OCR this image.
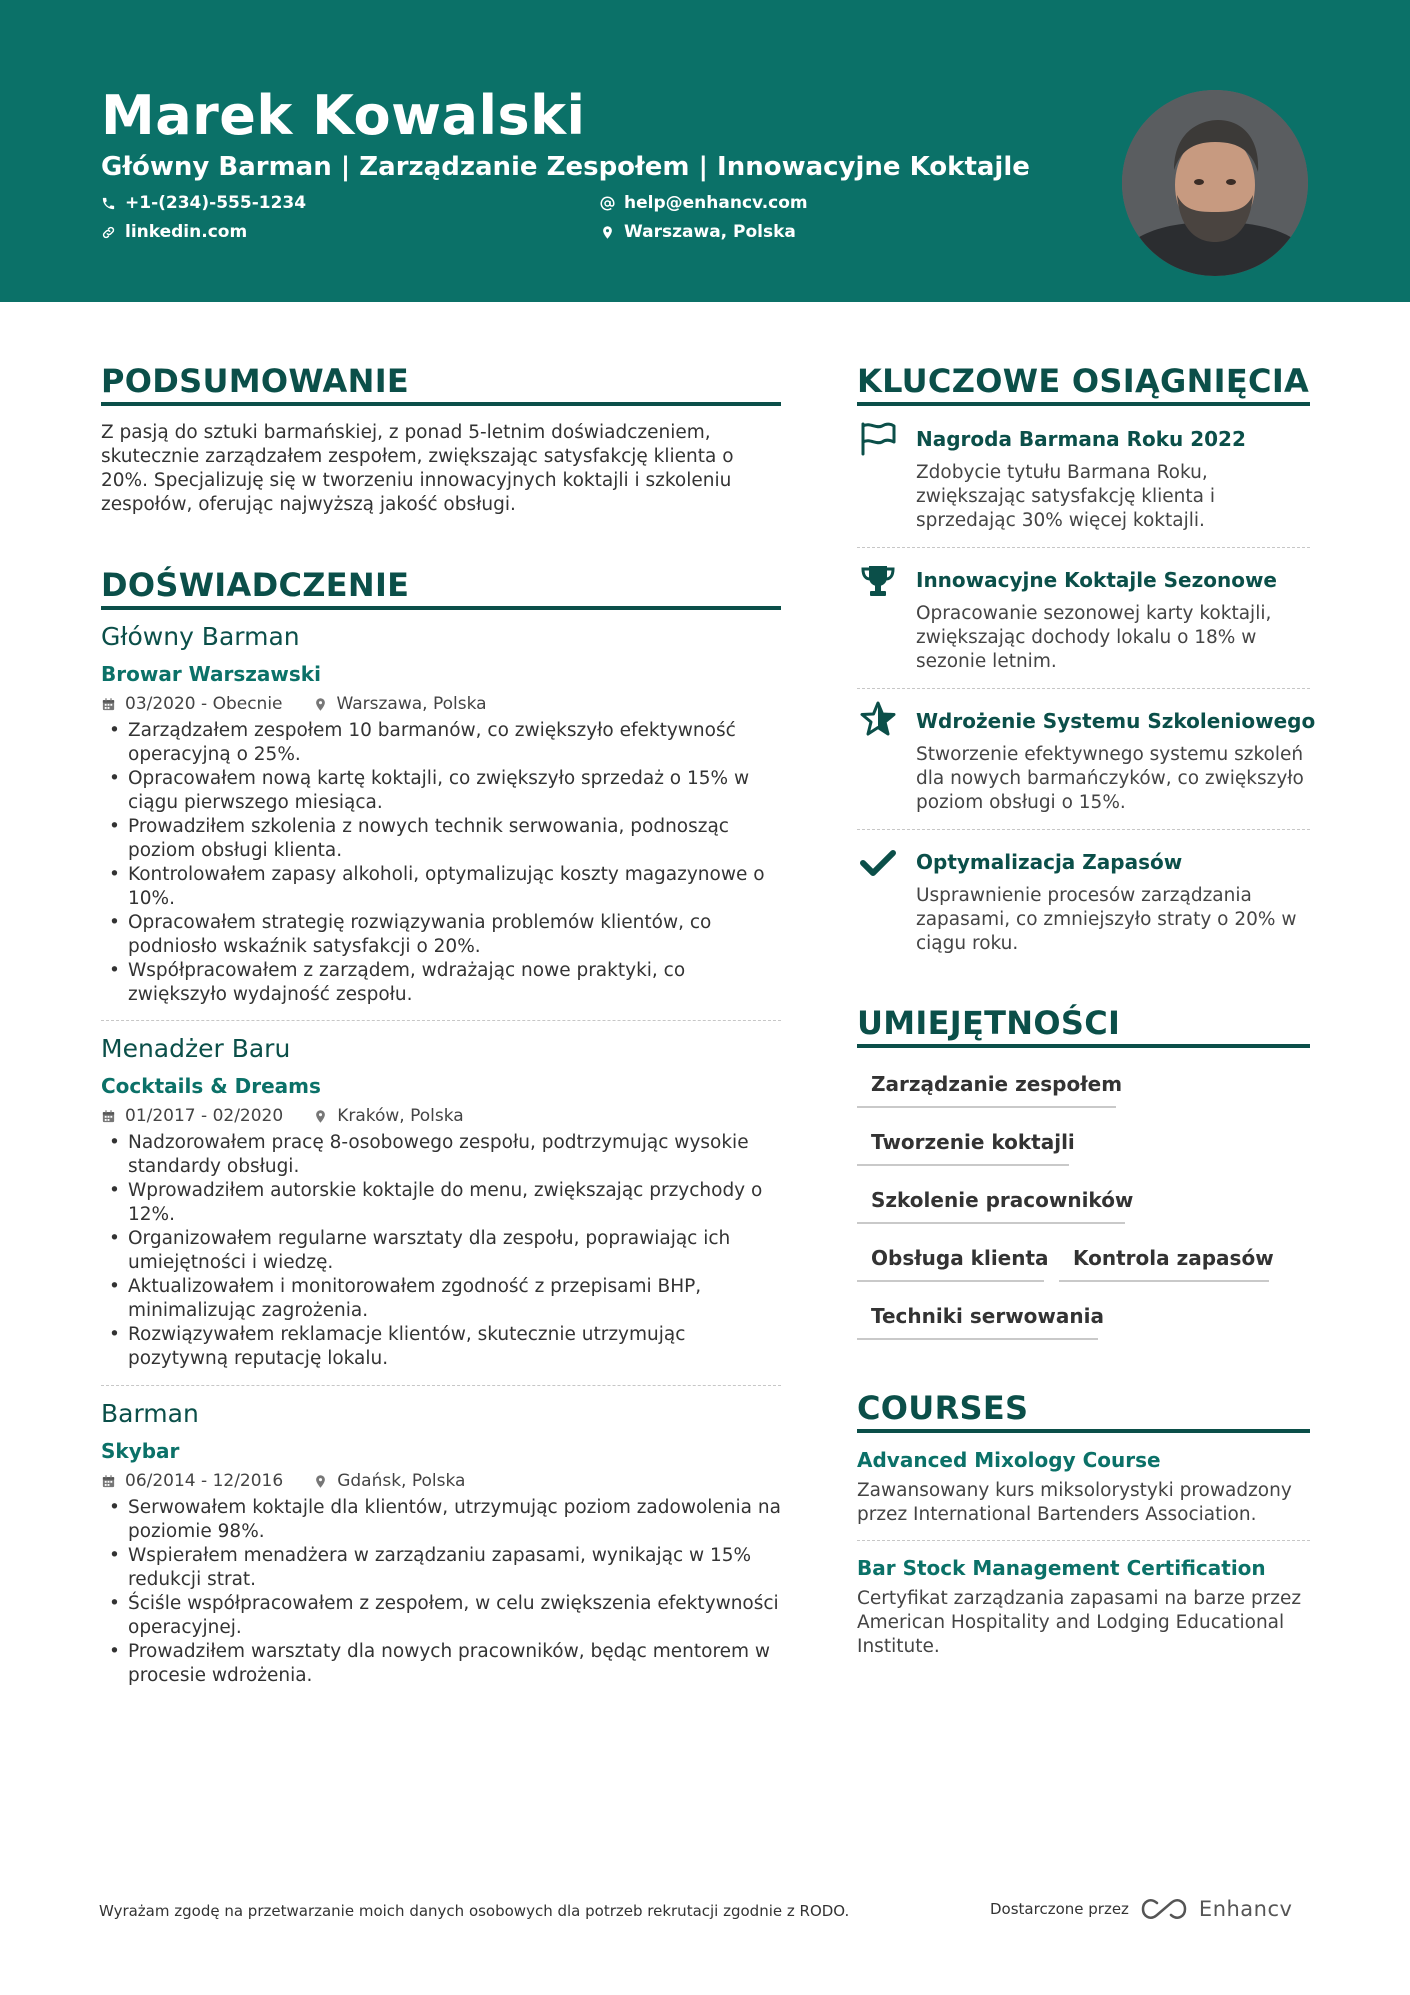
Marek Kowalski
Główny Barman | Zarządzanie Zespołem | Innowacyjne Koktajle
+1-(234)-555-1234	help@enhancv.com
linkedin.com	Warszawa, Polska
PODSUMOWANIE
Z pasją do sztuki barmańskiej, z ponad 5-letnim doświadczeniem, skutecznie zarządzałem zespołem, zwiększając satysfakcję klienta o 20%. Specjalizuję się w tworzeniu innowacyjnych koktajli i szkoleniu zespołów, oferując najwyższą jakość obsługi.
DOŚWIADCZENIE
Główny Barman
Browar Warszawski
03/2020 - Obecnie	Warszawa, Polska
• Zarządzałem zespołem 10 barmanów, co zwiększyło efektywność operacyjną o 25%.
• Opracowałem nową kartę koktajli, co zwiększyło sprzedaż o 15% w ciągu pierwszego miesiąca.
• Prowadziłem szkolenia z nowych technik serwowania, podnosząc poziom obsługi klienta.
• Kontrolowałem zapasy alkoholi, optymalizując koszty magazynowe o 10%.
• Opracowałem strategię rozwiązywania problemów klientów, co podniosło wskaźnik satysfakcji o 20%.
• Współpracowałem z zarządem, wdrażając nowe praktyki, co zwiększyło wydajność zespołu.
Menadżer Baru
Cocktails & Dreams
01/2017 - 02/2020	Kraków, Polska
• Nadzorowałem pracę 8-osobowego zespołu, podtrzymując wysokie standardy obsługi.
• Wprowadziłem autorskie koktajle do menu, zwiększając przychody o 12%.
• Organizowałem regularne warsztaty dla zespołu, poprawiając ich umiejętności i wiedzę.
• Aktualizowałem i monitorowałem zgodność z przepisami BHP, minimalizując zagrożenia.
• Rozwiązywałem reklamacje klientów, skutecznie utrzymując pozytywną reputację lokalu.
Barman
Skybar
06/2014 - 12/2016	Gdańsk, Polska
• Serwowałem koktajle dla klientów, utrzymując poziom zadowolenia na poziomie 98%.
• Wspierałem menadżera w zarządzaniu zapasami, wynikając w 15% redukcji strat.
• Ściśle współpracowałem z zespołem, w celu zwiększenia efektywności operacyjnej.
• Prowadziłem warsztaty dla nowych pracowników, będąc mentorem w procesie wdrożenia.
KLUCZOWE OSIĄGNIĘCIA
Nagroda Barmana Roku 2022
Zdobycie tytułu Barmana Roku, zwiększając satysfakcję klienta i sprzedając 30% więcej koktajli.
Innowacyjne Koktajle Sezonowe
Opracowanie sezonowej karty koktajli, zwiększając dochody lokalu o 18% w sezonie letnim.
Wdrożenie Systemu Szkoleniowego
Stworzenie efektywnego systemu szkoleń dla nowych barmańczyków, co zwiększyło poziom obsługi o 15%.
Optymalizacja Zapasów
Usprawnienie procesów zarządzania zapasami, co zmniejszyło straty o 20% w ciągu roku.
UMIEJĘTNOŚCI
Zarządzanie zespołem
Tworzenie koktajli
Szkolenie pracowników
Obsługa klienta	Kontrola zapasów
Techniki serwowania
COURSES
Advanced Mixology Course
Zawansowany kurs miksolorystyki prowadzony przez International Bartenders Association.
Bar Stock Management Certification
Certyfikat zarządzania zapasami na barze przez American Hospitality and Lodging Educational Institute.
Wyrażam zgodę na przetwarzanie moich danych osobowych dla potrzeb rekrutacji zgodnie z RODO.	Dostarczone przez	Enhancv
